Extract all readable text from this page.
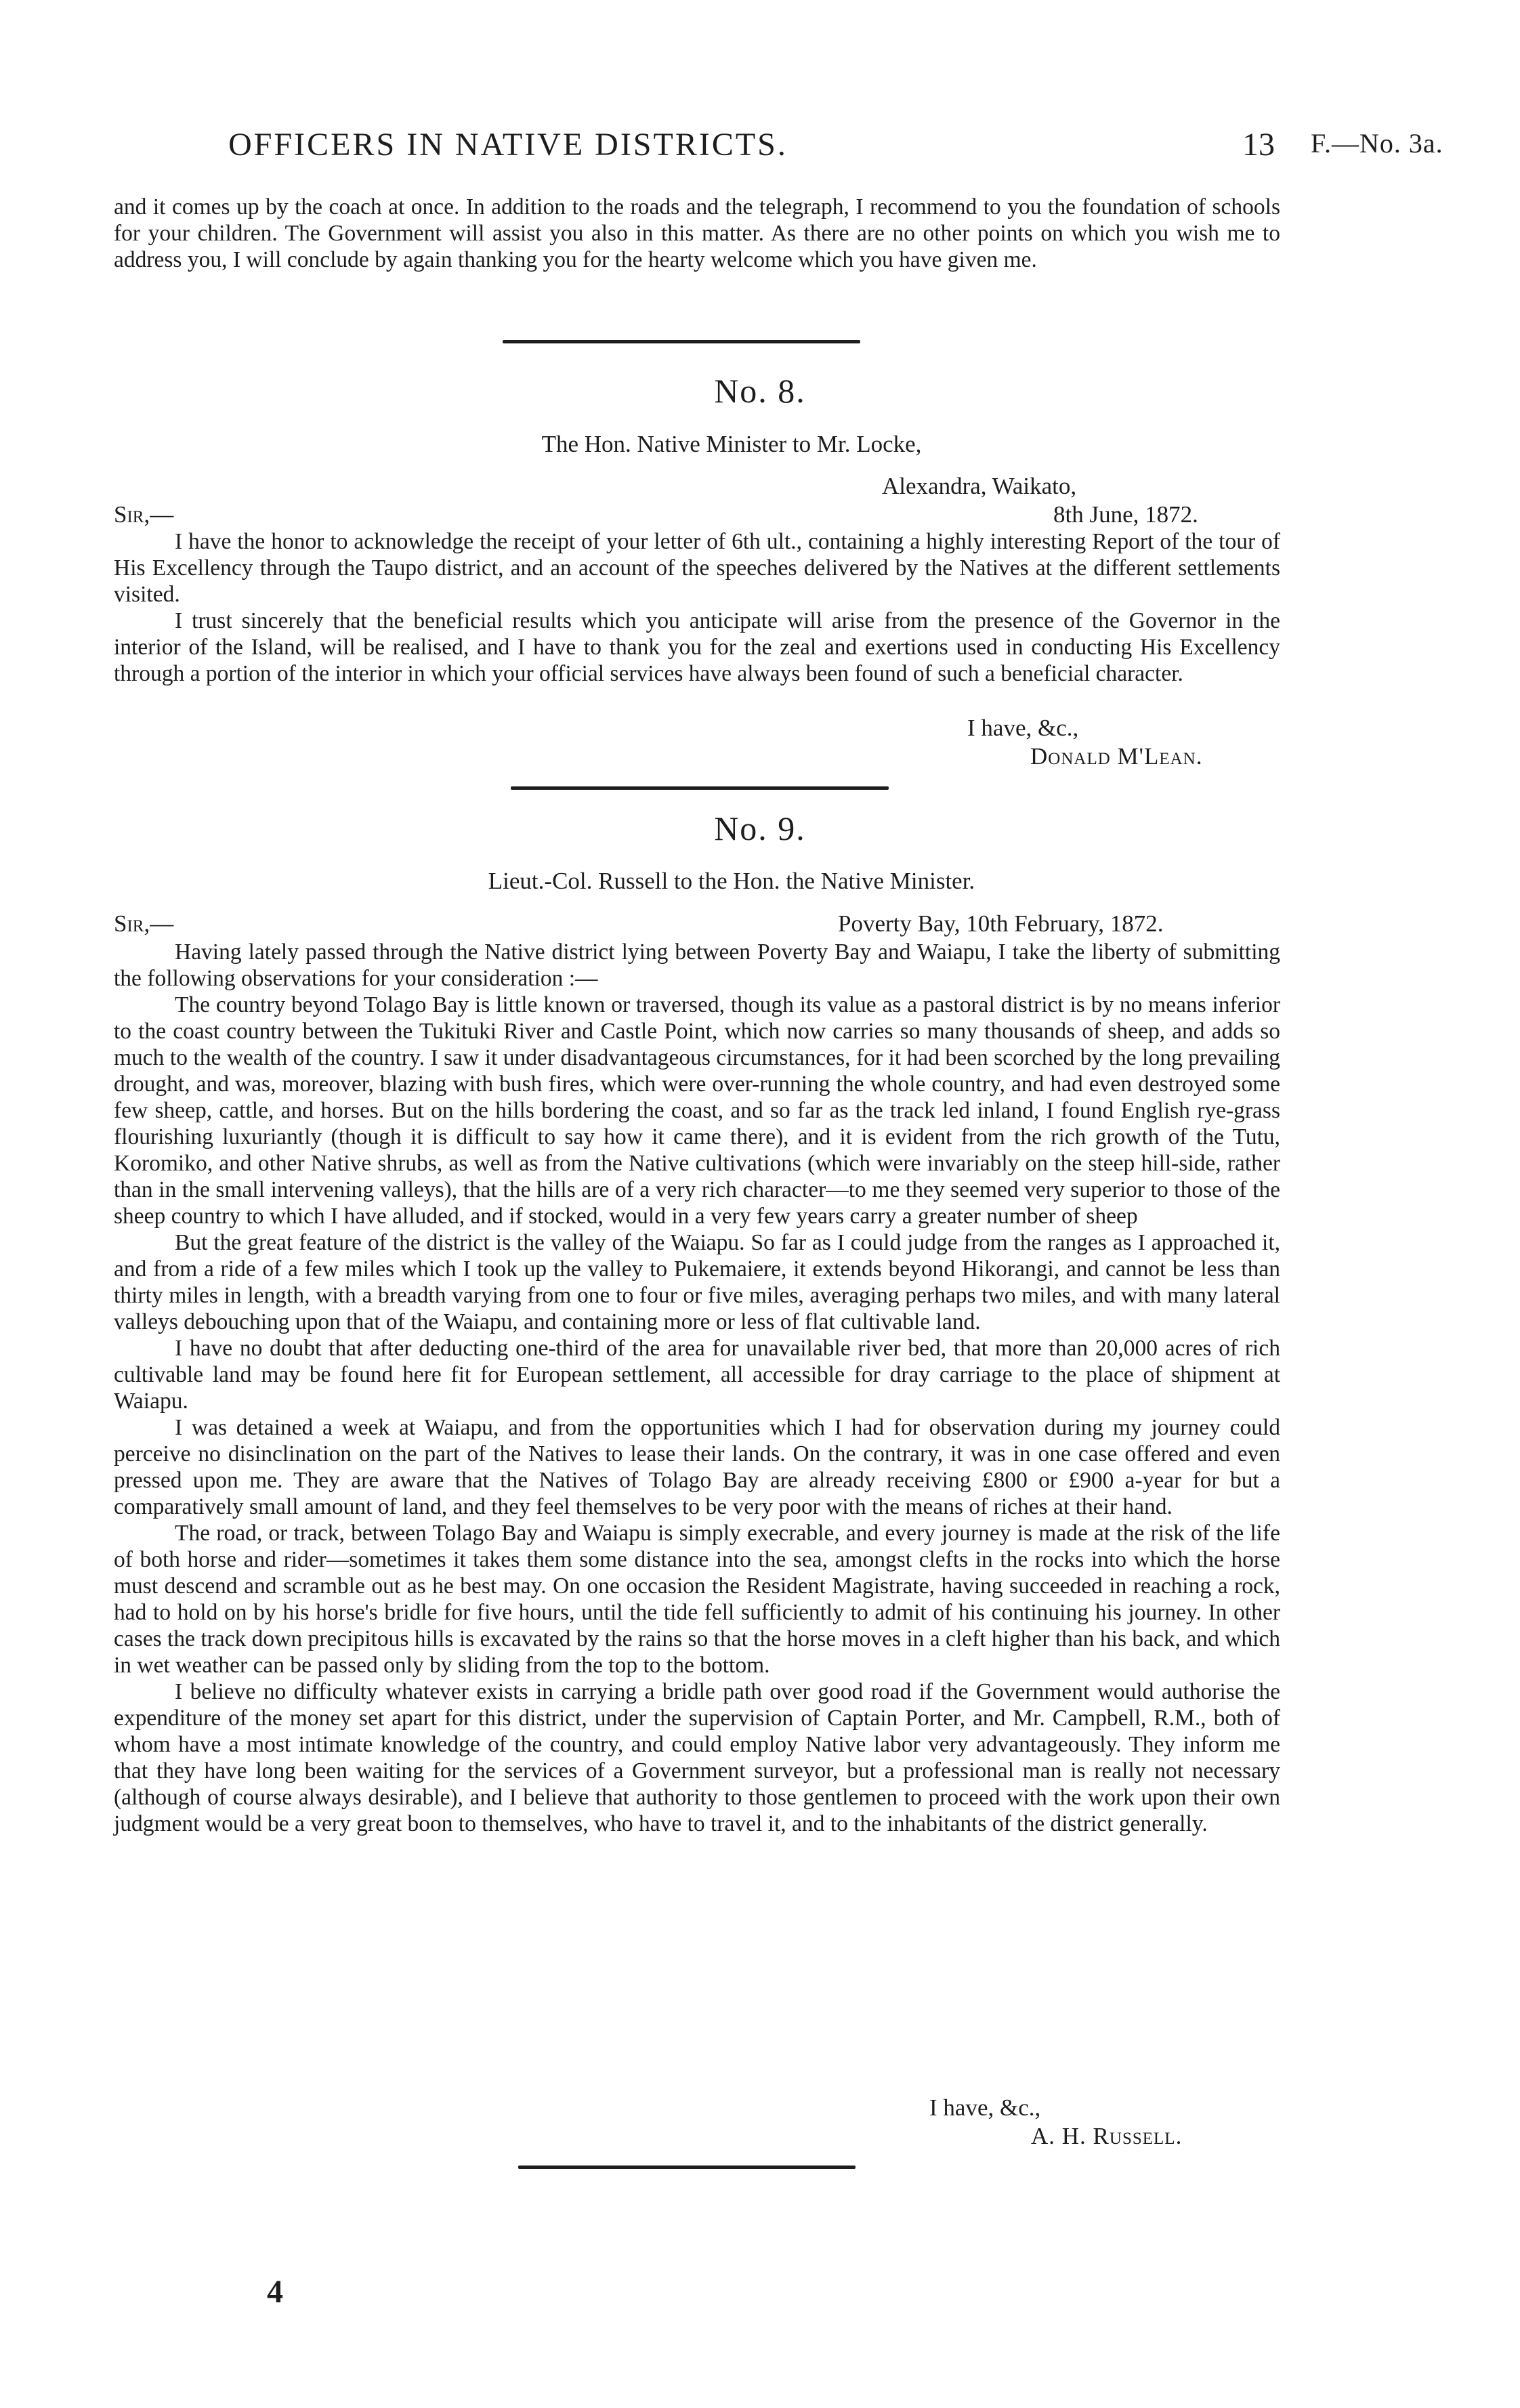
OFFICERS IN NATIVE DISTRICTS.	13 F.—No. 3a.

and it comes up by the coach at once. In addition to the roads and the telegraph, I recommend to you the foundation of schools for your children. The Government will assist you also in this matter. As there are no other points on which you wish me to address you, I will conclude by again thanking you for the hearty welcome which you have given me.

No. 8.
The Hon. Native Minister to Mr. Locke,
Alexandra, Waikato,
Sir,—	8th June, 1872.

I have the honor to acknowledge the receipt of your letter of 6th ult., containing a highly interesting Report of the tour of His Excellency through the Taupo district, and an account of the speeches delivered by the Natives at the different settlements visited.

I trust sincerely that the beneficial results which you anticipate will arise from the presence of the Governor in the interior of the Island, will be realised, and I have to thank you for the zeal and exertions used in conducting His Excellency through a portion of the interior in which your official services have always been found of such a beneficial character.

I have, &c.,
Donald M'Lean.
No. 9.
Lieut.-Col. Russell to the Hon. the Native Minister.
Sir,—	Poverty Bay, 10th February, 1872.

Having lately passed through the Native district lying between Poverty Bay and Waiapu, I take the liberty of submitting the following observations for your consideration :—

The country beyond Tolago Bay is little known or traversed, though its value as a pastoral district is by no means inferior to the coast country between the Tukituki River and Castle Point, which now carries so many thousands of sheep, and adds so much to the wealth of the country. I saw it under disadvantageous circumstances, for it had been scorched by the long prevailing drought, and was, moreover, blazing with bush fires, which were over-running the whole country, and had even destroyed some few sheep, cattle, and horses. But on the hills bordering the coast, and so far as the track led inland, I found English rye-grass flourishing luxuriantly (though it is difficult to say how it came there), and it is evident from the rich growth of the Tutu, Koromiko, and other Native shrubs, as well as from the Native cultivations (which were invariably on the steep hill-side, rather than in the small intervening valleys), that the hills are of a very rich character—to me they seemed very superior to those of the sheep country to which I have alluded, and if stocked, would in a very few years carry a greater number of sheep

But the great feature of the district is the valley of the Waiapu. So far as I could judge from the ranges as I approached it, and from a ride of a few miles which I took up the valley to Pukemaiere, it extends beyond Hikorangi, and cannot be less than thirty miles in length, with a breadth varying from one to four or five miles, averaging perhaps two miles, and with many lateral valleys debouching upon that of the Waiapu, and containing more or less of flat cultivable land.

I have no doubt that after deducting one-third of the area for unavailable river bed, that more than 20,000 acres of rich cultivable land may be found here fit for European settlement, all accessible for dray carriage to the place of shipment at Waiapu.

I was detained a week at Waiapu, and from the opportunities which I had for observation during my journey could perceive no disinclination on the part of the Natives to lease their lands. On the contrary, it was in one case offered and even pressed upon me. They are aware that the Natives of Tolago Bay are already receiving £800 or £900 a-year for but a comparatively small amount of land, and they feel themselves to be very poor with the means of riches at their hand.

The road, or track, between Tolago Bay and Waiapu is simply execrable, and every journey is made at the risk of the life of both horse and rider—sometimes it takes them some distance into the sea, amongst clefts in the rocks into which the horse must descend and scramble out as he best may. On one occasion the Resident Magistrate, having succeeded in reaching a rock, had to hold on by his horse's bridle for five hours, until the tide fell sufficiently to admit of his continuing his journey. In other cases the track down precipitous hills is excavated by the rains so that the horse moves in a cleft higher than his back, and which in wet weather can be passed only by sliding from the top to the bottom.

I believe no difficulty whatever exists in carrying a bridle path over good road if the Government would authorise the expenditure of the money set apart for this district, under the supervision of Captain Porter, and Mr. Campbell, R.M., both of whom have a most intimate knowledge of the country, and could employ Native labor very advantageously. They inform me that they have long been waiting for the services of a Government surveyor, but a professional man is really not necessary (although of course always desirable), and I believe that authority to those gentlemen to proceed with the work upon their own judgment would be a very great boon to themselves, who have to travel it, and to the inhabitants of the district generally.

I have, &c.,
A. H. Russell.
4
